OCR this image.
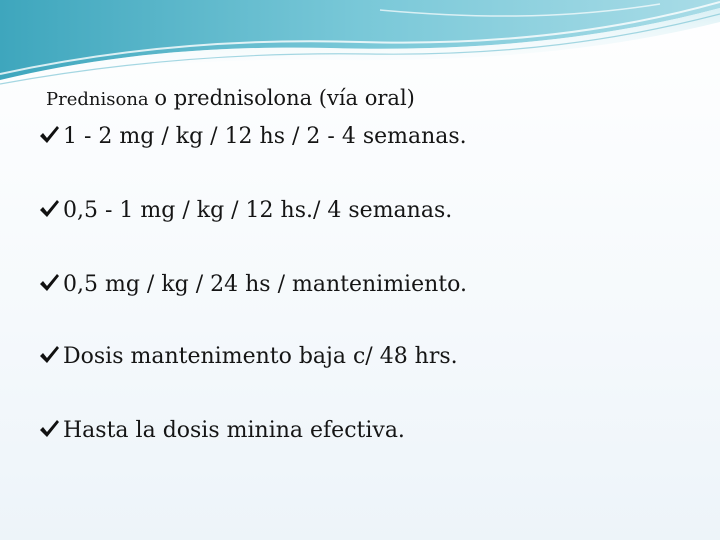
Prednisona o prednisolona (vía oral)
1 - 2 mg / kg / 12 hs / 2 - 4 semanas.
0,5 - 1 mg / kg / 12 hs./ 4 semanas.
0,5 mg / kg / 24 hs / mantenimiento.
Dosis mantenimento baja c/ 48 hrs.
Hasta la dosis minina efectiva.
